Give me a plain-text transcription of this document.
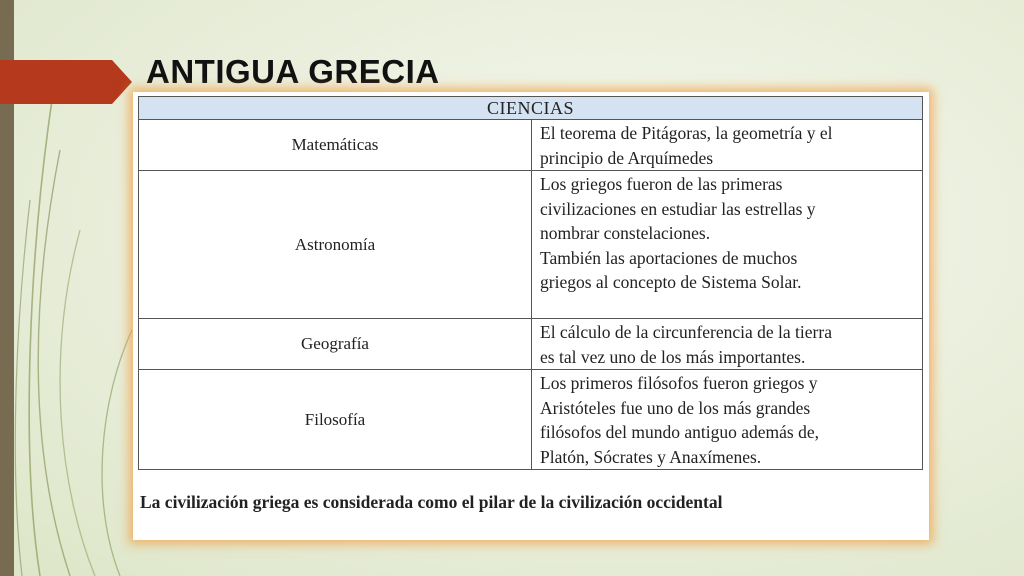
ANTIGUA GRECIA
CIENCIAS	
Matemáticas	El teorema de Pitágoras, la geometría y el
principio de Arquímedes

Astronomía	Los griegos fueron de las primeras
civilizaciones en estudiar las estrellas y
nombrar constelaciones.
También las aportaciones de muchos
griegos al concepto de Sistema Solar.

Geografía	El cálculo de la circunferencia de la tierra
es tal vez uno de los más importantes.

Filosofía	Los primeros filósofos fueron griegos y
Aristóteles fue uno de los más grandes
filósofos del mundo antiguo además de,
Platón, Sócrates y Anaxímenes.

La civilización griega es considerada como el pilar de la civilización occidental
